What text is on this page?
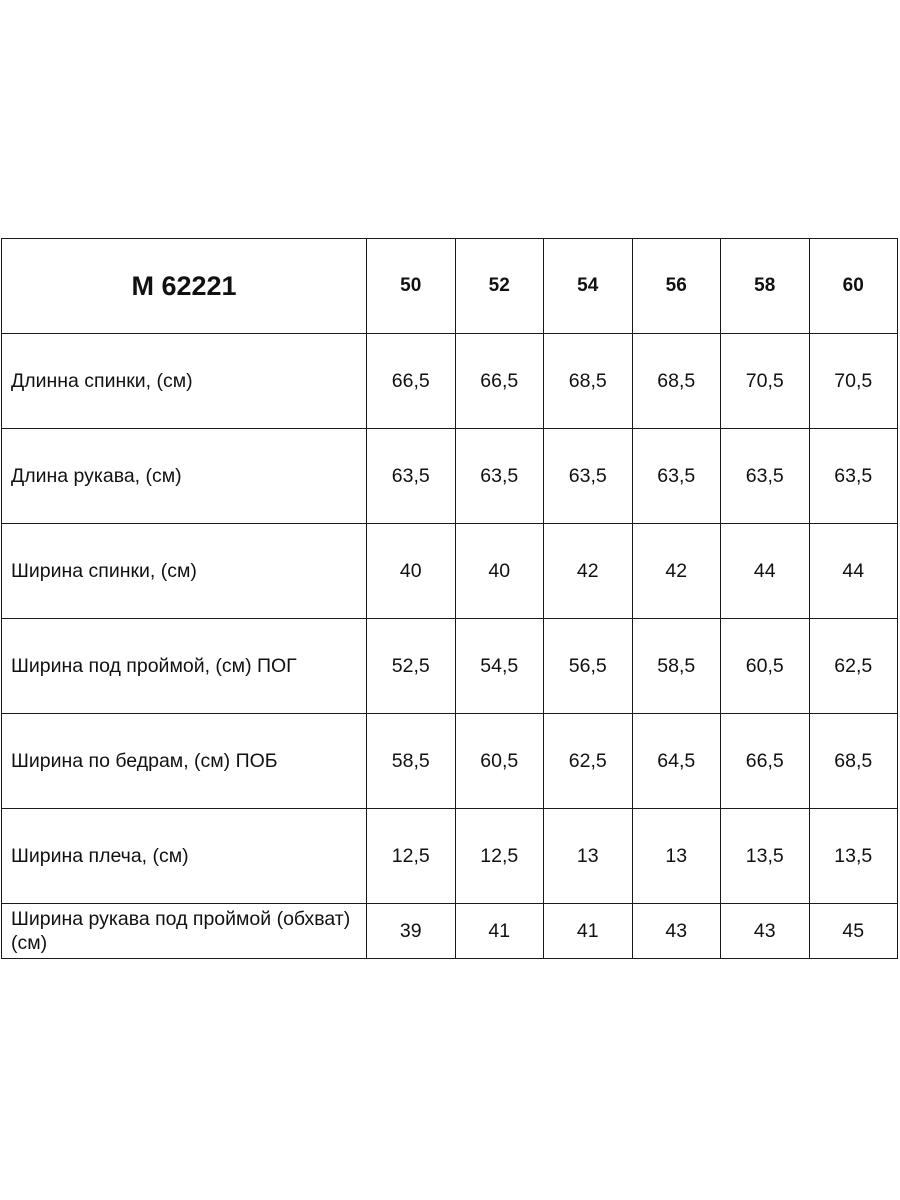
M 62221	50	52	54	56	58	60
Длинна спинки, (см)	66,5	66,5	68,5	68,5	70,5	70,5
Длина рукава, (см)	63,5	63,5	63,5	63,5	63,5	63,5
Ширина спинки, (см)	40	40	42	42	44	44
Ширина под проймой, (см) ПОГ	52,5	54,5	56,5	58,5	60,5	62,5
Ширина по бедрам, (см) ПОБ	58,5	60,5	62,5	64,5	66,5	68,5
Ширина плеча, (см)	12,5	12,5	13	13	13,5	13,5
Ширина рукава под проймой (обхват) (см)	39	41	41	43	43	45
